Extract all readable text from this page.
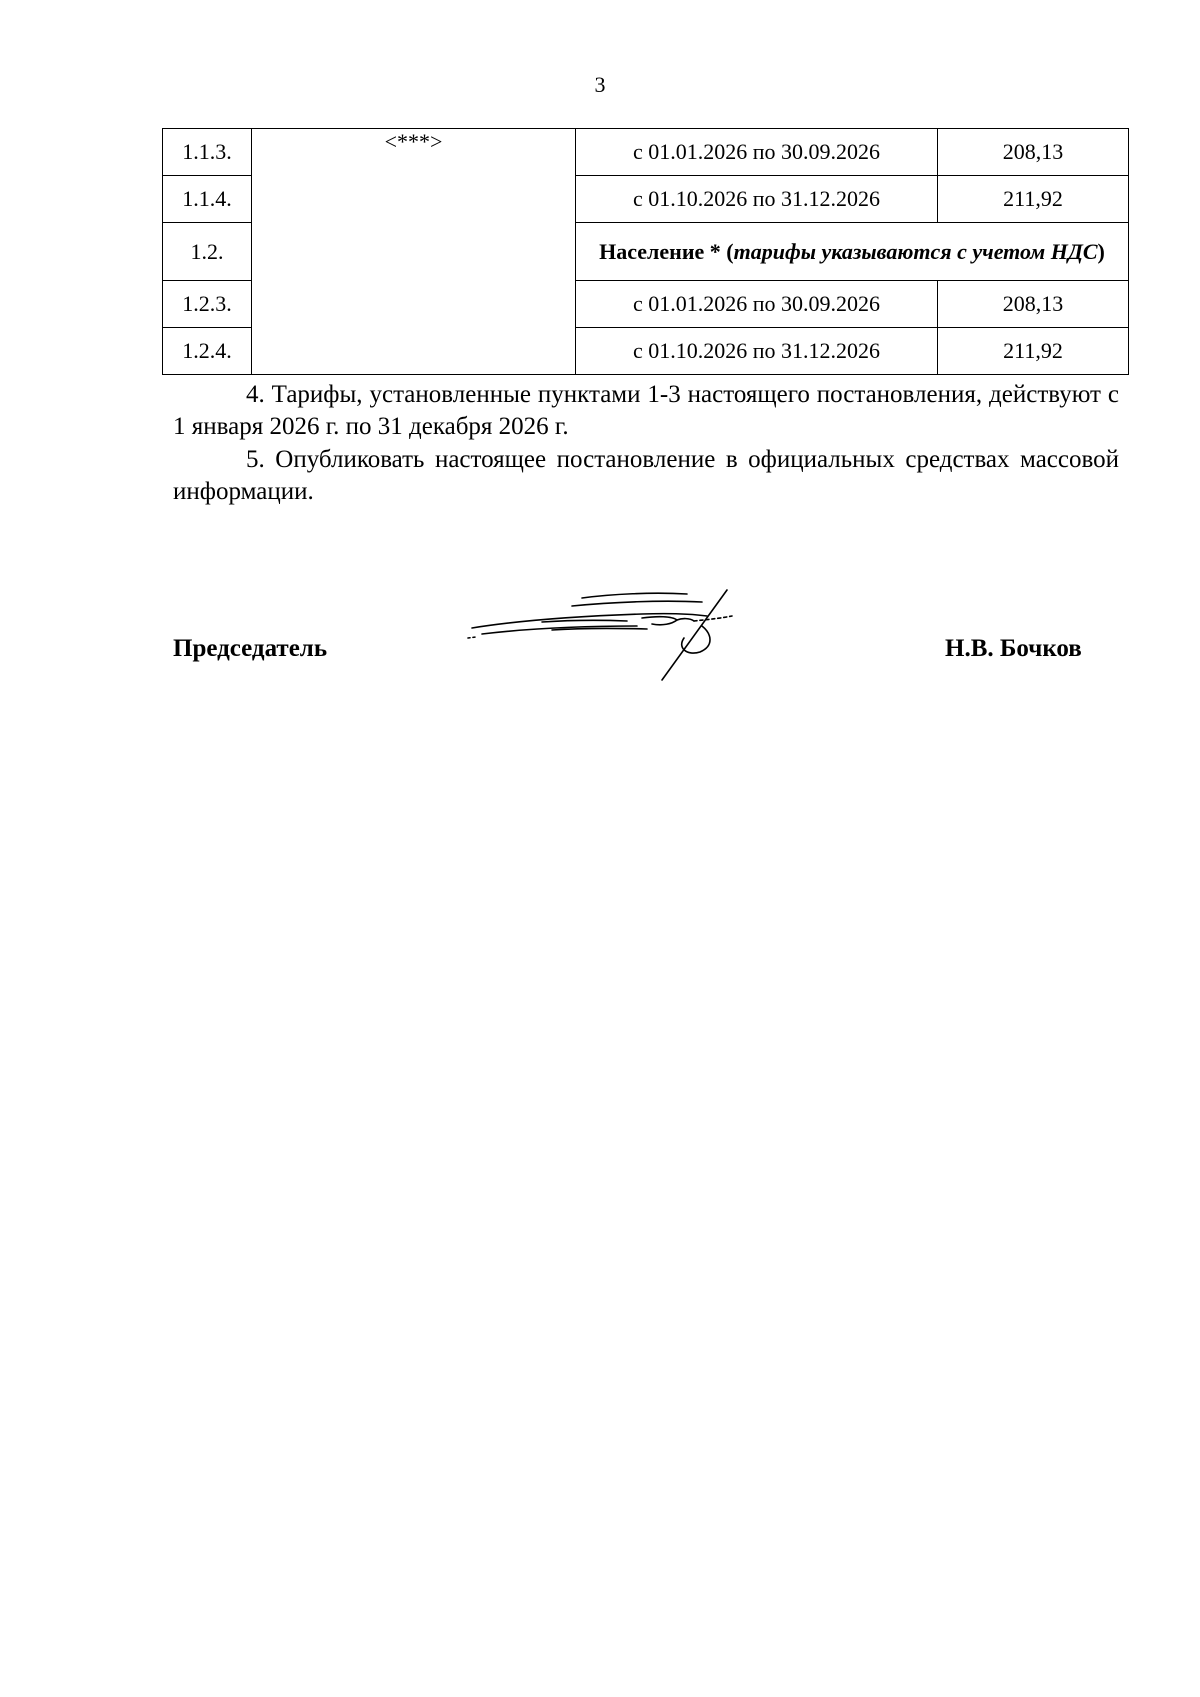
3
1.1.3.	<***>	с 01.01.2026 по 30.09.2026	208,13
1.1.4.		с 01.10.2026 по 31.12.2026	211,92
1.2.		Население * (тарифы указываются с учетом НДС)	
1.2.3.		с 01.01.2026 по 30.09.2026	208,13
1.2.4.		с 01.10.2026 по 31.12.2026	211,92

4. Тарифы, установленные пунктами 1-3 настоящего постановления, действуют с 1 января 2026 г. по 31 декабря 2026 г.

5. Опубликовать настоящее постановление в официальных средствах массовой информации.

Председатель	Н.В. Бочков
